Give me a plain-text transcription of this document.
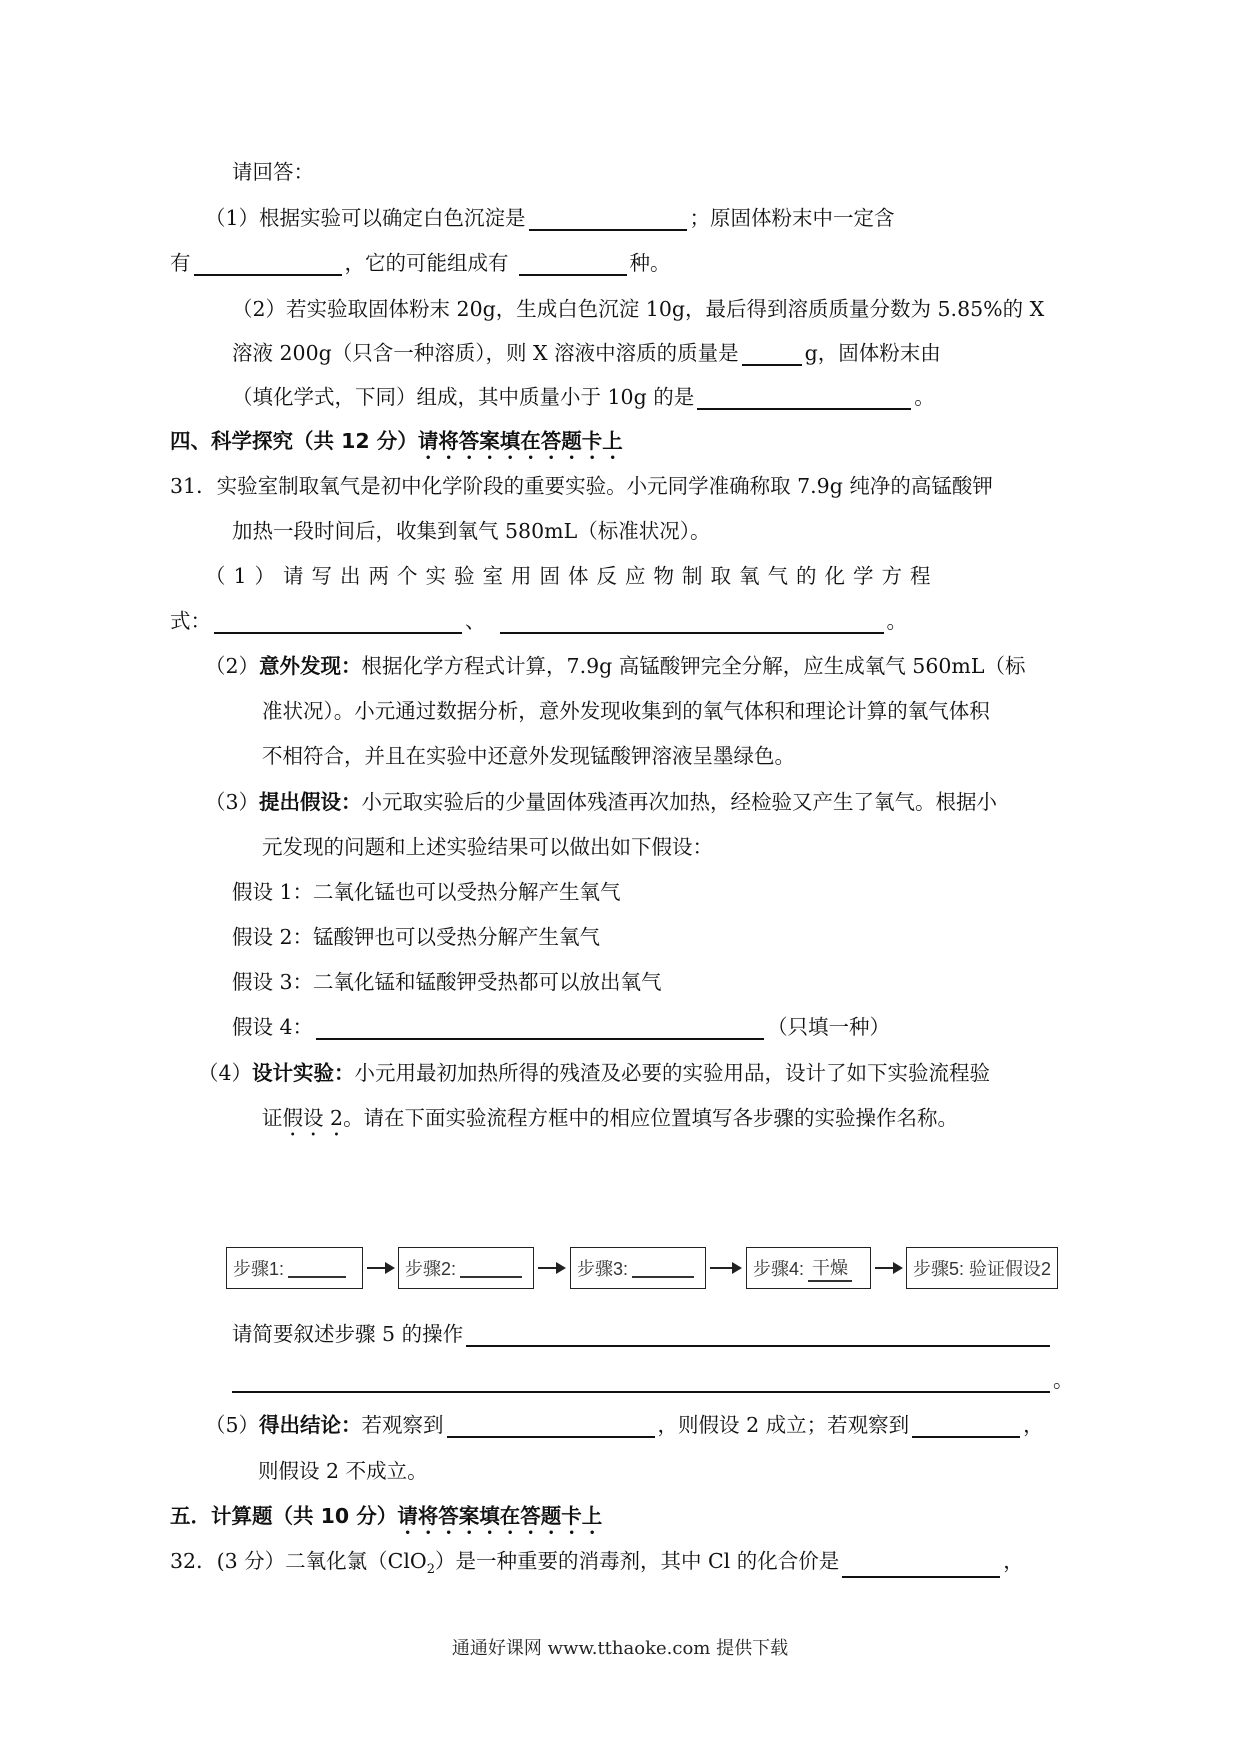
请回答：
（1）根据实验可以确定白色沉淀是	；原固体粉末中一定含
有	，它的可能组成有	种。
（2）若实验取固体粉末 20g，生成白色沉淀 10g，最后得到溶质质量分数为 5.85%的 X
溶液 200g（只含一种溶质），则 X 溶液中溶质的质量是	g，固体粉末由
（填化学式，下同）组成，其中质量小于 10g 的是	。
四、科学探究（共 12 分）请将答案填在答题卡上
31．实验室制取氧气是初中化学阶段的重要实验。小元同学准确称取 7.9g 纯净的高锰酸钾
加热一段时间后，收集到氧气 580mL（标准状况）。
（1）请写出两个实验室用固体反应物制取氧气的化学方程
式：	、	。
（2）意外发现：根据化学方程式计算，7.9g 高锰酸钾完全分解，应生成氧气 560mL（标
准状况）。小元通过数据分析，意外发现收集到的氧气体积和理论计算的氧气体积
不相符合，并且在实验中还意外发现锰酸钾溶液呈墨绿色。
（3）提出假设：小元取实验后的少量固体残渣再次加热，经检验又产生了氧气。根据小
元发现的问题和上述实验结果可以做出如下假设：
假设 1：二氧化锰也可以受热分解产生氧气
假设 2：锰酸钾也可以受热分解产生氧气
假设 3：二氧化锰和锰酸钾受热都可以放出氧气
假设 4：	（只填一种）
（4）设计实验：小元用最初加热所得的残渣及必要的实验用品，设计了如下实验流程验
证假设 2。请在下面实验流程方框中的相应位置填写各步骤的实验操作名称。
步骤1:	步骤2:	步骤3:	步骤4: 干燥	步骤5: 验证假设2
请简要叙述步骤 5 的操作
。
（5）得出结论：若观察到	，则假设 2 成立；若观察到	，
则假设 2 不成立。
五．计算题（共 10 分）请将答案填在答题卡上
32．(3 分）二氧化氯（ClO$_2$）是一种重要的消毒剂，其中 Cl 的化合价是	，
通通好课网 www.tthaoke.com 提供下载
